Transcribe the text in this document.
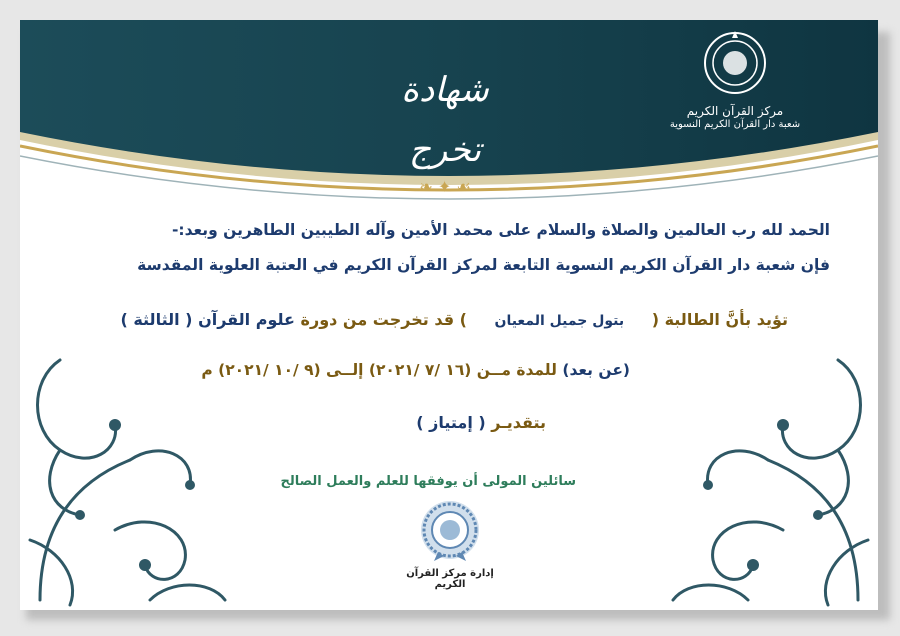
مركز القرآن الكريم
شعبة دار القرآن الكريم النسوية
شهادة تخرج
❧ ✦ ☙
الحمد لله رب العالمين والصلاة والسلام على محمد الأمين وآله الطيبين الطاهرين وبعد:-
فإن شعبة دار القرآن الكريم النسوية التابعة لمركز القرآن الكريم في العتبة العلوية المقدسة
تؤيد بأنَّ الطالبة ( بتول جميل المعيان ) قد تخرجت من دورة علوم القرآن ( الثالثة )
(عن بعد) للمدة مــن (١٦ /٧ /٢٠٢١) إلــى (٩ /١٠ /٢٠٢١) م
بتقديـر ( إمتياز )
سائلين المولى أن يوفقها للعلم والعمل الصالح
إدارة مركز القرآن الكريم
